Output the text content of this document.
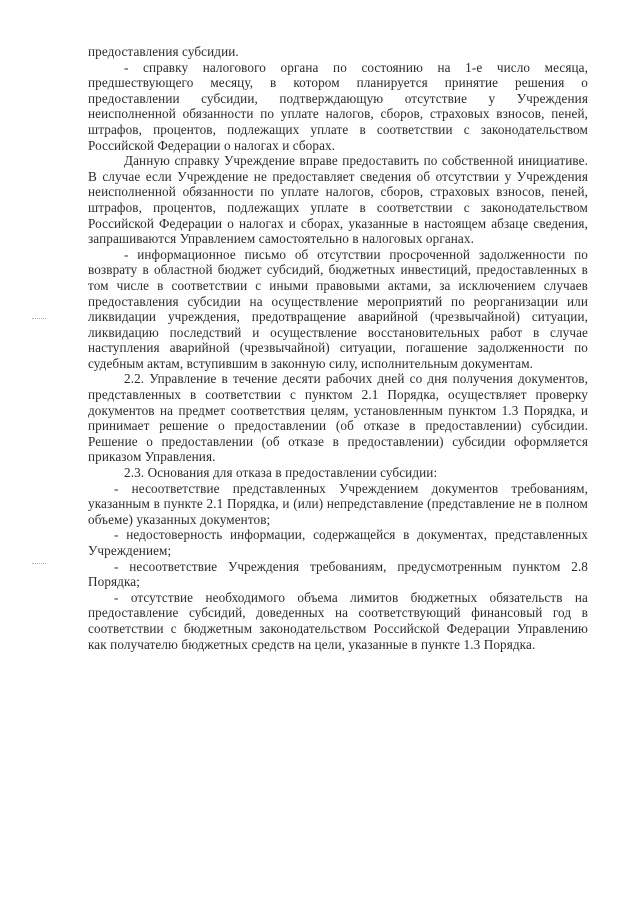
предоставления субсидии.

- справку налогового органа по состоянию на 1-е число месяца, предшествующего месяцу, в котором планируется принятие решения о предоставлении субсидии, подтверждающую отсутствие у Учреждения неисполненной обязанности по уплате налогов, сборов, страховых взносов, пеней, штрафов, процентов, подлежащих уплате в соответствии с законодательством Российской Федерации о налогах и сборах.

Данную справку Учреждение вправе предоставить по собственной инициативе. В случае если Учреждение не предоставляет сведения об отсутствии у Учреждения неисполненной обязанности по уплате налогов, сборов, страховых взносов, пеней, штрафов, процентов, подлежащих уплате в соответствии с законодательством Российской Федерации о налогах и сборах, указанные в настоящем абзаце сведения, запрашиваются Управлением самостоятельно в налоговых органах.

- информационное письмо об отсутствии просроченной задолженности по возврату в областной бюджет субсидий, бюджетных инвестиций, предоставленных в том числе в соответствии с иными правовыми актами, за исключением случаев предоставления субсидии на осуществление мероприятий по реорганизации или ликвидации учреждения, предотвращение аварийной (чрезвычайной) ситуации, ликвидацию последствий и осуществление восстановительных работ в случае наступления аварийной (чрезвычайной) ситуации, погашение задолженности по судебным актам, вступившим в законную силу, исполнительным документам.

2.2. Управление в течение десяти рабочих дней со дня получения документов, представленных в соответствии с пунктом 2.1 Порядка, осуществляет проверку документов на предмет соответствия целям, установленным пунктом 1.3 Порядка, и принимает решение о предоставлении (об отказе в предоставлении) субсидии. Решение о предоставлении (об отказе в предоставлении) субсидии оформляется приказом Управления.

2.3. Основания для отказа в предоставлении субсидии:

- несоответствие представленных Учреждением документов требованиям, указанным в пункте 2.1 Порядка, и (или) непредставление (представление не в полном объеме) указанных документов;

- недостоверность информации, содержащейся в документах, представленных Учреждением;

- несоответствие Учреждения требованиям, предусмотренным пунктом 2.8 Порядка;

- отсутствие необходимого объема лимитов бюджетных обязательств на предоставление субсидий, доведенных на соответствующий финансовый год в соответствии с бюджетным законодательством Российской Федерации Управлению как получателю бюджетных средств на цели, указанные в пункте 1.3 Порядка.
